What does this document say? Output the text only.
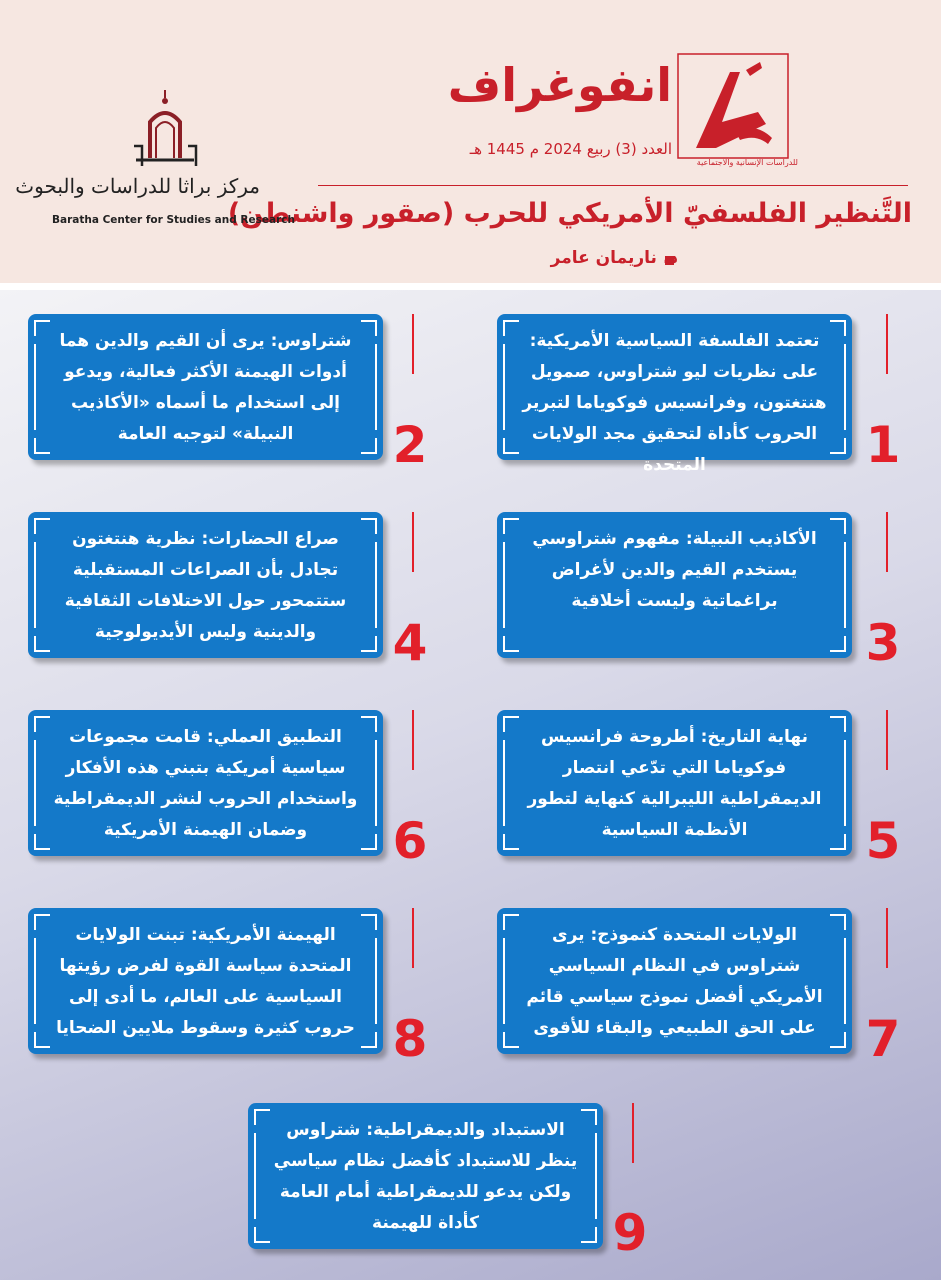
انفوغراف
للدراسات الإنسانية والاجتماعية
العدد (3) ربيع 2024 م 1445 هـ
التَّنظير الفلسفيّ الأمريكي للحرب (صقور واشنطن)
د. ناريمان عامر
مركز براثا للدراسات والبحوث
Baratha Center for Studies and Research
تعتمد الفلسفة السياسية الأمريكية: على نظريات ليو شتراوس، صمويل هنتغتون، وفرانسيس فوكوياما لتبرير الحروب كأداة لتحقيق مجد الولايات المتحدة	1
شتراوس: يرى أن القيم والدين هما أدوات الهيمنة الأكثر فعالية، ويدعو إلى استخدام ما أسماه «الأكاذيب النبيلة» لتوجيه العامة	2
الأكاذيب النبيلة: مفهوم شتراوسي يستخدم القيم والدين لأغراض براغماتية وليست أخلاقية
3
صراع الحضارات: نظرية هنتغتون تجادل بأن الصراعات المستقبلية ستتمحور حول الاختلافات الثقافية والدينية وليس الأيديولوجية	4
نهاية التاريخ: أطروحة فرانسيس فوكوياما التي تدّعي انتصار الديمقراطية الليبرالية كنهاية لتطور الأنظمة السياسية	5
التطبيق العملي: قامت مجموعات سياسية أمريكية بتبني هذه الأفكار واستخدام الحروب لنشر الديمقراطية وضمان الهيمنة الأمريكية	6
الولايات المتحدة كنموذج: يرى شتراوس في النظام السياسي الأمريكي أفضل نموذج سياسي قائم على الحق الطبيعي والبقاء للأقوى 7
الهيمنة الأمريكية: تبنت الولايات المتحدة سياسة القوة لفرض رؤيتها السياسية على العالم، ما أدى إلى حروب كثيرة وسقوط ملايين الضحايا 8
الاستبداد والديمقراطية: شتراوس ينظر للاستبداد كأفضل نظام سياسي ولكن يدعو للديمقراطية أمام العامة كأداة للهيمنة	9
